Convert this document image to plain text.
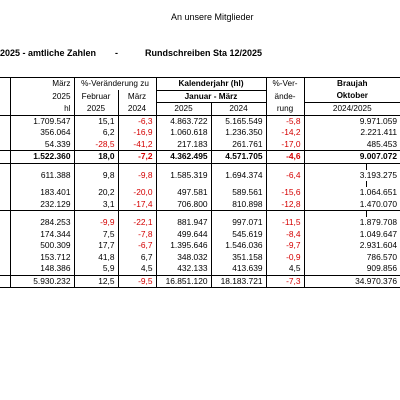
An unsere Mitglieder
2025 - amtliche Zahlen -	Rundschreiben Sta 12/2025
	März	%-Veränderung zu		Kalenderjahr (hl)		%-Ver-	Braujah	
	2025	Februar	März	Januar - März		ände-	Oktober	
	hl	2025	2024	2025	2024	rung	2024/2025	
	1.709.547	15,1	-6,3	4.863.722	5.165.549	-5,8	9.971.059	
	356.064	6,2	-16,9	1.060.618	1.236.350	-14,2	2.221.411	
	54.339	-28,5	-41,2	217.183	261.761	-17,0	485.453	
	1.522.360	18,0	-7,2	4.362.495	4.571.705	-4,6	9.007.072	

	611.388	9,8	-9,8	1.585.319	1.694.374	-6,4	3.193.275	

	183.401	20,2	-20,0	497.581	589.561	-15,6	1.064.651	
	232.129	3,1	-17,4	706.800	810.898	-12,8	1.470.070	

	284.253	-9,9	-22,1	881.947	997.071	-11,5	1.879.708	
	174.344	7,5	-7,8	499.644	545.619	-8,4	1.049.647	
	500.309	17,7	-6,7	1.395.646	1.546.036	-9,7	2.931.604	
	153.712	41,8	6,7	348.032	351.158	-0,9	786.570	
	148.386	5,9	4,5	432.133	413.639	4,5	909.856	
	5.930.232	12,5	-9,5	16.851.120	18.183.721	-7,3	34.970.376	
